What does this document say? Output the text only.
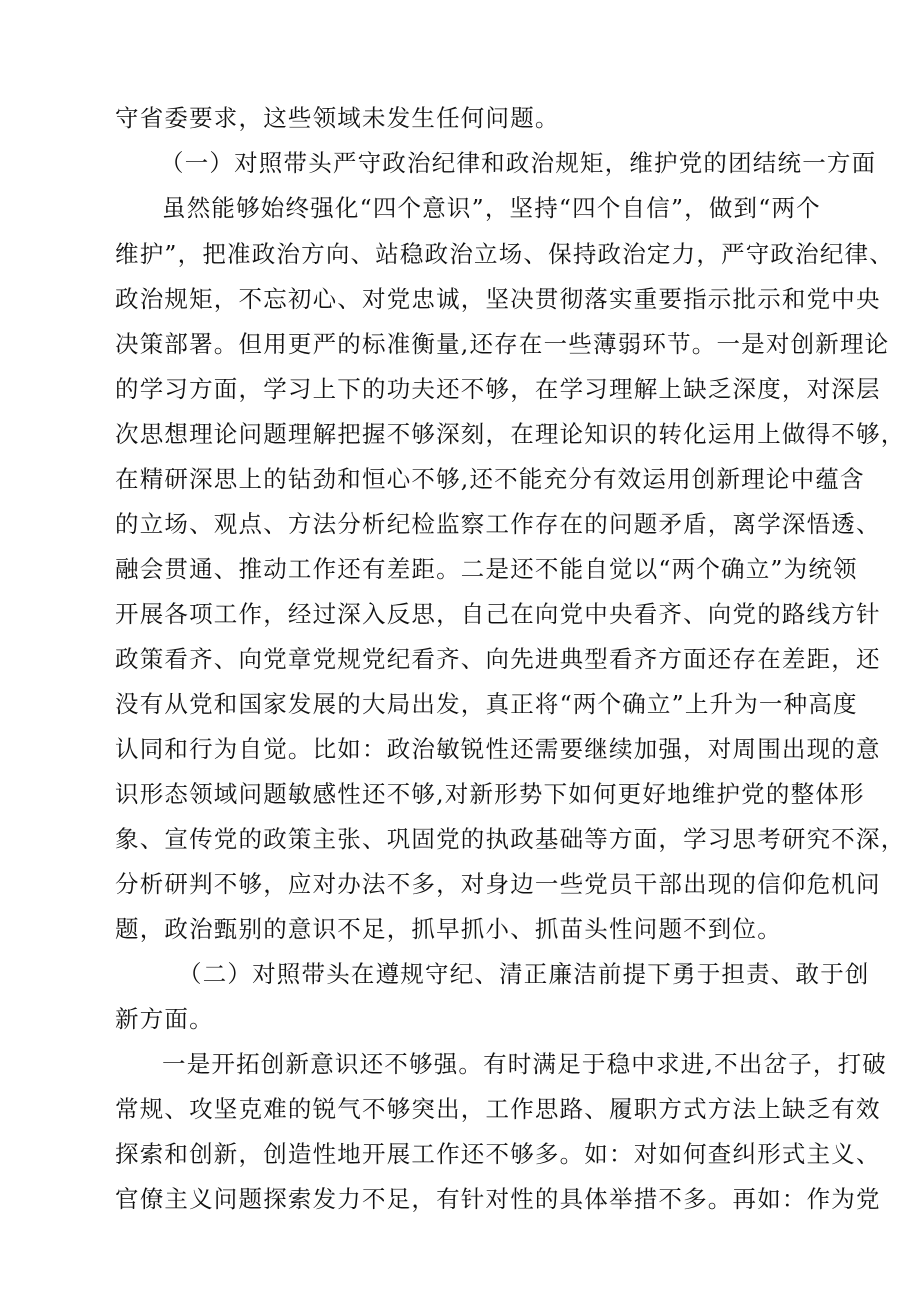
守省委要求，这些领域未发生任何问题。
（一）对照带头严守政治纪律和政治规矩，维护党的团结统一方面
虽然能够始终强化“四个意识”，坚持“四个自信”，做到“两个
维护”，把准政治方向、站稳政治立场、保持政治定力，严守政治纪律、
政治规矩，不忘初心、对党忠诚，坚决贯彻落实重要指示批示和党中央
决策部署。但用更严的标准衡量,还存在一些薄弱环节。一是对创新理论
的学习方面，学习上下的功夫还不够，在学习理解上缺乏深度，对深层
次思想理论问题理解把握不够深刻，在理论知识的转化运用上做得不够，
在精研深思上的钻劲和恒心不够,还不能充分有效运用创新理论中蕴含
的立场、观点、方法分析纪检监察工作存在的问题矛盾，离学深悟透、
融会贯通、推动工作还有差距。二是还不能自觉以“两个确立”为统领
开展各项工作，经过深入反思，自己在向党中央看齐、向党的路线方针
政策看齐、向党章党规党纪看齐、向先进典型看齐方面还存在差距，还
没有从党和国家发展的大局出发，真正将“两个确立”上升为一种高度
认同和行为自觉。比如：政治敏锐性还需要继续加强，对周围出现的意
识形态领域问题敏感性还不够,对新形势下如何更好地维护党的整体形
象、宣传党的政策主张、巩固党的执政基础等方面，学习思考研究不深，
分析研判不够，应对办法不多，对身边一些党员干部出现的信仰危机问
题，政治甄别的意识不足，抓早抓小、抓苗头性问题不到位。
（二）对照带头在遵规守纪、清正廉洁前提下勇于担责、敢于创
新方面。
一是开拓创新意识还不够强。有时满足于稳中求进,不出岔子，打破
常规、攻坚克难的锐气不够突出，工作思路、履职方式方法上缺乏有效
探索和创新，创造性地开展工作还不够多。如：对如何查纠形式主义、
官僚主义问题探索发力不足，有针对性的具体举措不多。再如：作为党
